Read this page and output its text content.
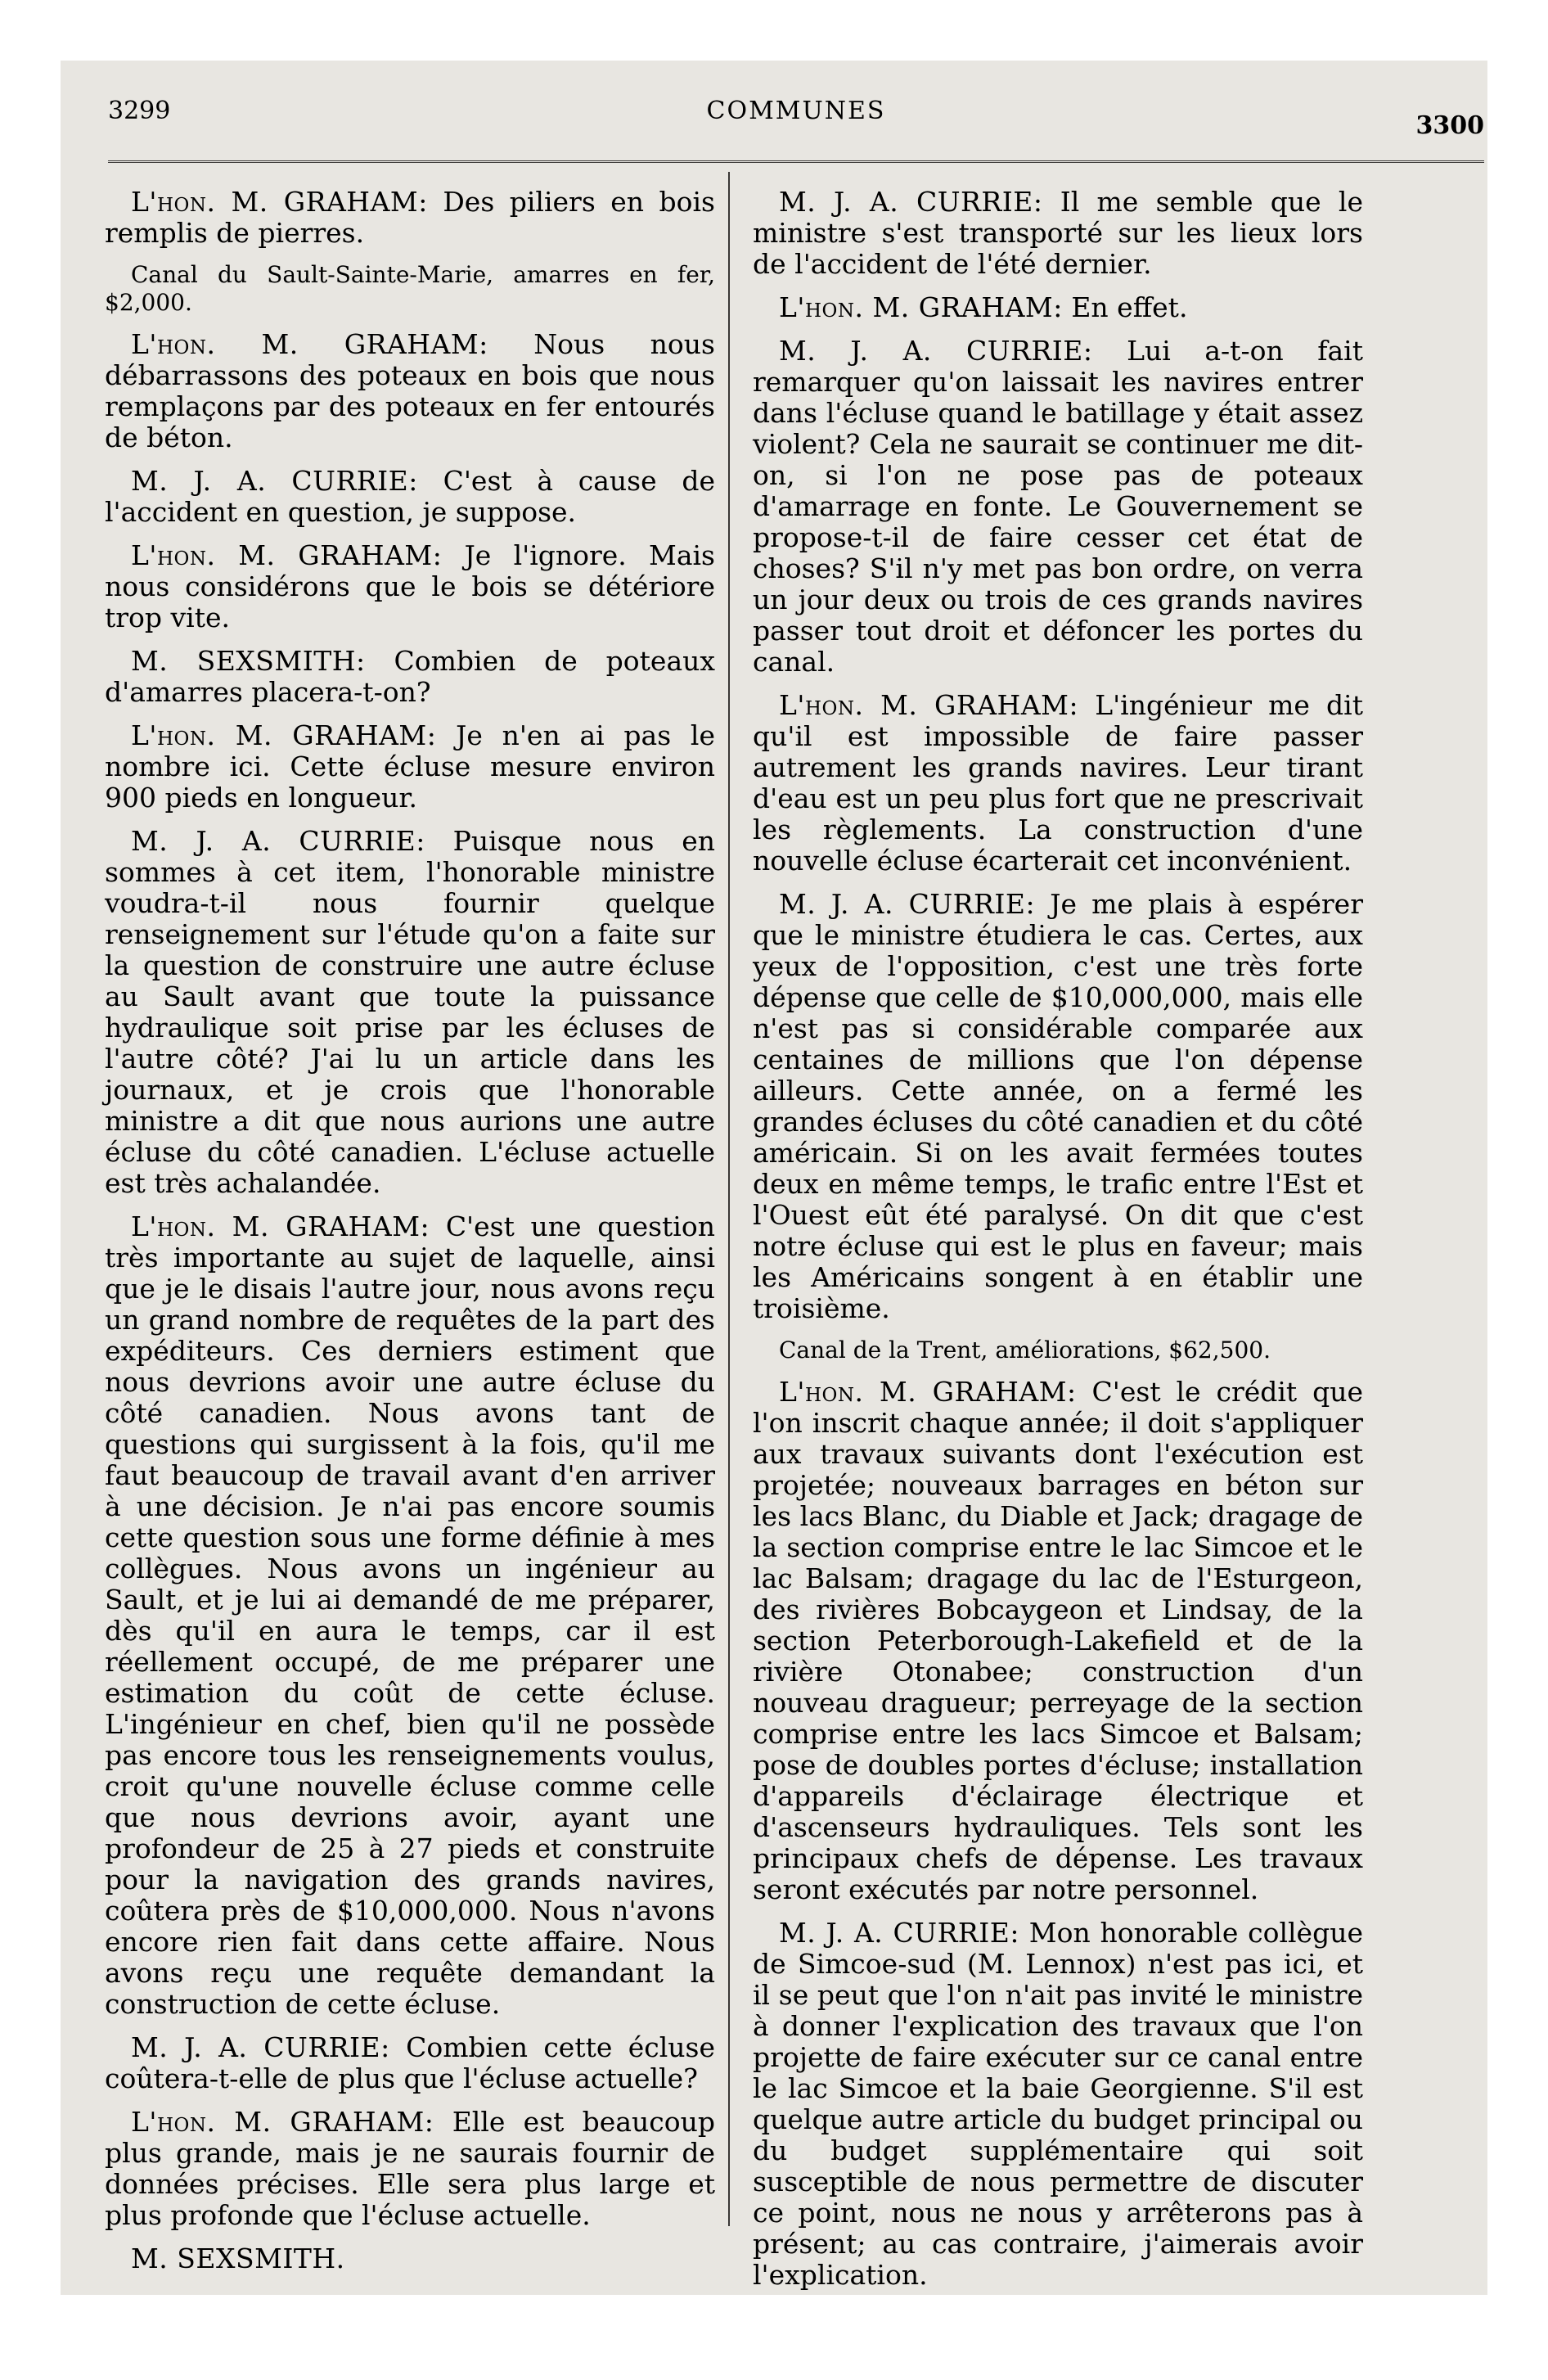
3299	COMMUNES
3300

L'hon. M. GRAHAM: Des piliers en bois remplis de pierres.

Canal du Sault-Sainte-Marie, amarres en fer, $2,000.

L'hon. M. GRAHAM: Nous nous débarrassons des poteaux en bois que nous remplaçons par des poteaux en fer entourés de béton.

M. J. A. CURRIE: C'est à cause de l'accident en question, je suppose.

L'hon. M. GRAHAM: Je l'ignore. Mais nous considérons que le bois se détériore trop vite.

M. SEXSMITH: Combien de poteaux d'amarres placera-t-on?

L'hon. M. GRAHAM: Je n'en ai pas le nombre ici. Cette écluse mesure environ 900 pieds en longueur.

M. J. A. CURRIE: Puisque nous en sommes à cet item, l'honorable ministre voudra-t-il nous fournir quelque renseignement sur l'étude qu'on a faite sur la question de construire une autre écluse au Sault avant que toute la puissance hydraulique soit prise par les écluses de l'autre côté? J'ai lu un article dans les journaux, et je crois que l'honorable ministre a dit que nous aurions une autre écluse du côté canadien. L'écluse actuelle est très achalandée.

L'hon. M. GRAHAM: C'est une question très importante au sujet de laquelle, ainsi que je le disais l'autre jour, nous avons reçu un grand nombre de requêtes de la part des expéditeurs. Ces derniers estiment que nous devrions avoir une autre écluse du côté canadien. Nous avons tant de questions qui surgissent à la fois, qu'il me faut beaucoup de travail avant d'en arriver à une décision. Je n'ai pas encore soumis cette question sous une forme définie à mes collègues. Nous avons un ingénieur au Sault, et je lui ai demandé de me préparer, dès qu'il en aura le temps, car il est réellement occupé, de me préparer une estimation du coût de cette écluse. L'ingénieur en chef, bien qu'il ne possède pas encore tous les renseignements voulus, croit qu'une nouvelle écluse comme celle que nous devrions avoir, ayant une profondeur de 25 à 27 pieds et construite pour la navigation des grands navires, coûtera près de $10,000,000. Nous n'avons encore rien fait dans cette affaire. Nous avons reçu une requête demandant la construction de cette écluse.

M. J. A. CURRIE: Combien cette écluse coûtera-t-elle de plus que l'écluse actuelle?

L'hon. M. GRAHAM: Elle est beaucoup plus grande, mais je ne saurais fournir de données précises. Elle sera plus large et plus profonde que l'écluse actuelle.

M. SEXSMITH.

M. J. A. CURRIE: Il me semble que le ministre s'est transporté sur les lieux lors de l'accident de l'été dernier.

L'hon. M. GRAHAM: En effet.

M. J. A. CURRIE: Lui a-t-on fait remarquer qu'on laissait les navires entrer dans l'écluse quand le batillage y était assez violent? Cela ne saurait se continuer me dit-on, si l'on ne pose pas de poteaux d'amarrage en fonte. Le Gouvernement se propose-t-il de faire cesser cet état de choses? S'il n'y met pas bon ordre, on verra un jour deux ou trois de ces grands navires passer tout droit et défoncer les portes du canal.

L'hon. M. GRAHAM: L'ingénieur me dit qu'il est impossible de faire passer autrement les grands navires. Leur tirant d'eau est un peu plus fort que ne prescrivait les règlements. La construction d'une nouvelle écluse écarterait cet inconvénient.

M. J. A. CURRIE: Je me plais à espérer que le ministre étudiera le cas. Certes, aux yeux de l'opposition, c'est une très forte dépense que celle de $10,000,000, mais elle n'est pas si considérable comparée aux centaines de millions que l'on dépense ailleurs. Cette année, on a fermé les grandes écluses du côté canadien et du côté américain. Si on les avait fermées toutes deux en même temps, le trafic entre l'Est et l'Ouest eût été paralysé. On dit que c'est notre écluse qui est le plus en faveur; mais les Américains songent à en établir une troisième.

Canal de la Trent, améliorations, $62,500.

L'hon. M. GRAHAM: C'est le crédit que l'on inscrit chaque année; il doit s'appliquer aux travaux suivants dont l'exécution est projetée; nouveaux barrages en béton sur les lacs Blanc, du Diable et Jack; dragage de la section comprise entre le lac Simcoe et le lac Balsam; dragage du lac de l'Esturgeon, des rivières Bobcaygeon et Lindsay, de la section Peterborough-Lakefield et de la rivière Otonabee; construction d'un nouveau dragueur; perreyage de la section comprise entre les lacs Simcoe et Balsam; pose de doubles portes d'écluse; installation d'appareils d'éclairage électrique et d'ascenseurs hydrauliques. Tels sont les principaux chefs de dépense. Les travaux seront exécutés par notre personnel.

M. J. A. CURRIE: Mon honorable collègue de Simcoe-sud (M. Lennox) n'est pas ici, et il se peut que l'on n'ait pas invité le ministre à donner l'explication des travaux que l'on projette de faire exécuter sur ce canal entre le lac Simcoe et la baie Georgienne. S'il est quelque autre article du budget principal ou du budget supplémentaire qui soit susceptible de nous permettre de discuter ce point, nous ne nous y arrêterons pas à présent; au cas contraire, j'aimerais avoir l'explication.
